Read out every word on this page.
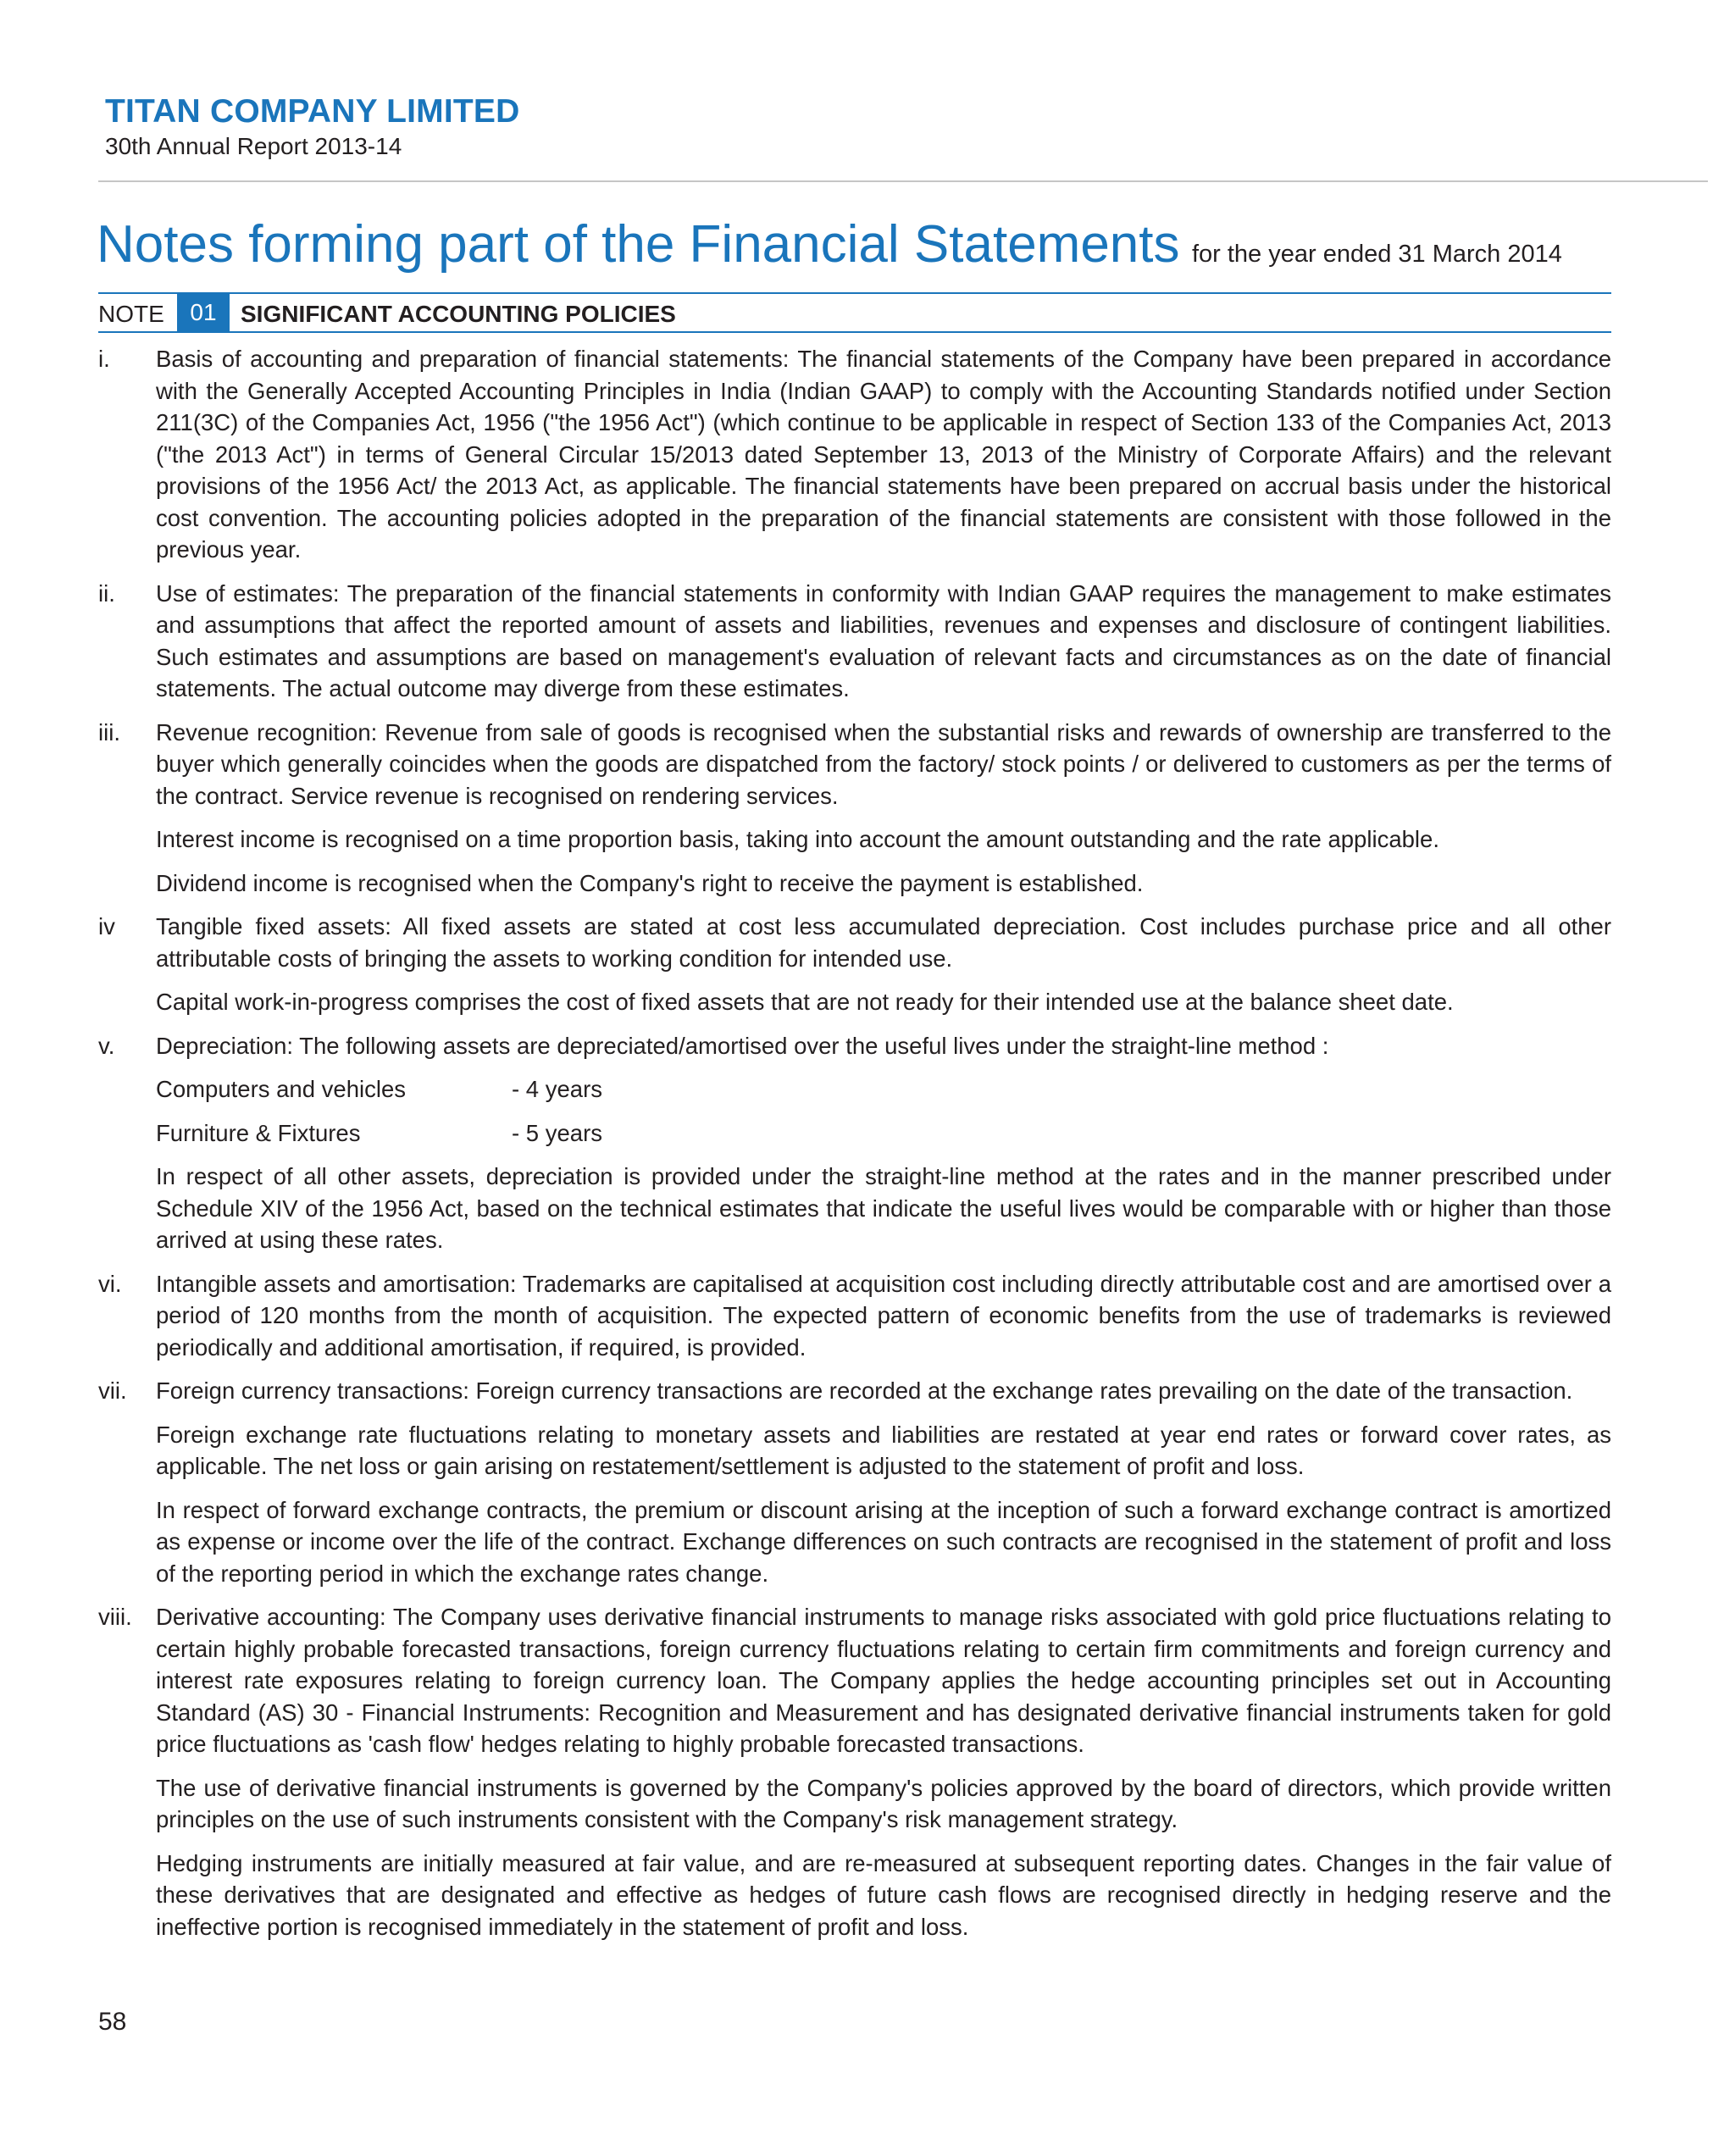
TITAN COMPANY LIMITED
30th Annual Report 2013-14
Notes forming part of the Financial Statements for the year ended 31 March 2014
NOTE	01	SIGNIFICANT ACCOUNTING POLICIES
i. Basis of accounting and preparation of financial statements: The financial statements of the Company have been prepared in accordance with the Generally Accepted Accounting Principles in India (Indian GAAP) to comply with the Accounting Standards notified under Section 211(3C) of the Companies Act, 1956 ("the 1956 Act") (which continue to be applicable in respect of Section 133 of the Companies Act, 2013 ("the 2013 Act") in terms of General Circular 15/2013 dated September 13, 2013 of the Ministry of Corporate Affairs) and the relevant provisions of the 1956 Act/ the 2013 Act, as applicable. The financial statements have been prepared on accrual basis under the historical cost convention. The accounting policies adopted in the preparation of the financial statements are consistent with those followed in the previous year.

ii. Use of estimates: The preparation of the financial statements in conformity with Indian GAAP requires the management to make estimates and assumptions that affect the reported amount of assets and liabilities, revenues and expenses and disclosure of contingent liabilities. Such estimates and assumptions are based on management's evaluation of relevant facts and circumstances as on the date of financial statements. The actual outcome may diverge from these estimates.

iii. Revenue recognition: Revenue from sale of goods is recognised when the substantial risks and rewards of ownership are transferred to the buyer which generally coincides when the goods are dispatched from the factory/ stock points / or delivered to customers as per the terms of the contract. Service revenue is recognised on rendering services.

Interest income is recognised on a time proportion basis, taking into account the amount outstanding and the rate applicable.

Dividend income is recognised when the Company's right to receive the payment is established.

iv Tangible fixed assets: All fixed assets are stated at cost less accumulated depreciation. Cost includes purchase price and all other attributable costs of bringing the assets to working condition for intended use.

Capital work-in-progress comprises the cost of fixed assets that are not ready for their intended use at the balance sheet date.

v. Depreciation: The following assets are depreciated/amortised over the useful lives under the straight-line method :

Computers and vehicles	- 4 years
Furniture & Fixtures	- 5 years

In respect of all other assets, depreciation is provided under the straight-line method at the rates and in the manner prescribed under Schedule XIV of the 1956 Act, based on the technical estimates that indicate the useful lives would be comparable with or higher than those arrived at using these rates.

vi. Intangible assets and amortisation: Trademarks are capitalised at acquisition cost including directly attributable cost and are amortised over a period of 120 months from the month of acquisition. The expected pattern of economic benefits from the use of trademarks is reviewed periodically and additional amortisation, if required, is provided.

vii. Foreign currency transactions: Foreign currency transactions are recorded at the exchange rates prevailing on the date of the transaction.

Foreign exchange rate fluctuations relating to monetary assets and liabilities are restated at year end rates or forward cover rates, as applicable. The net loss or gain arising on restatement/settlement is adjusted to the statement of profit and loss.

In respect of forward exchange contracts, the premium or discount arising at the inception of such a forward exchange contract is amortized as expense or income over the life of the contract. Exchange differences on such contracts are recognised in the statement of profit and loss of the reporting period in which the exchange rates change.

viii. Derivative accounting: The Company uses derivative financial instruments to manage risks associated with gold price fluctuations relating to certain highly probable forecasted transactions, foreign currency fluctuations relating to certain firm commitments and foreign currency and interest rate exposures relating to foreign currency loan. The Company applies the hedge accounting principles set out in Accounting Standard (AS) 30 - Financial Instruments: Recognition and Measurement and has designated derivative financial instruments taken for gold price fluctuations as 'cash flow' hedges relating to highly probable forecasted transactions.

The use of derivative financial instruments is governed by the Company's policies approved by the board of directors, which provide written principles on the use of such instruments consistent with the Company's risk management strategy.

Hedging instruments are initially measured at fair value, and are re-measured at subsequent reporting dates. Changes in the fair value of these derivatives that are designated and effective as hedges of future cash flows are recognised directly in hedging reserve and the ineffective portion is recognised immediately in the statement of profit and loss.

58
